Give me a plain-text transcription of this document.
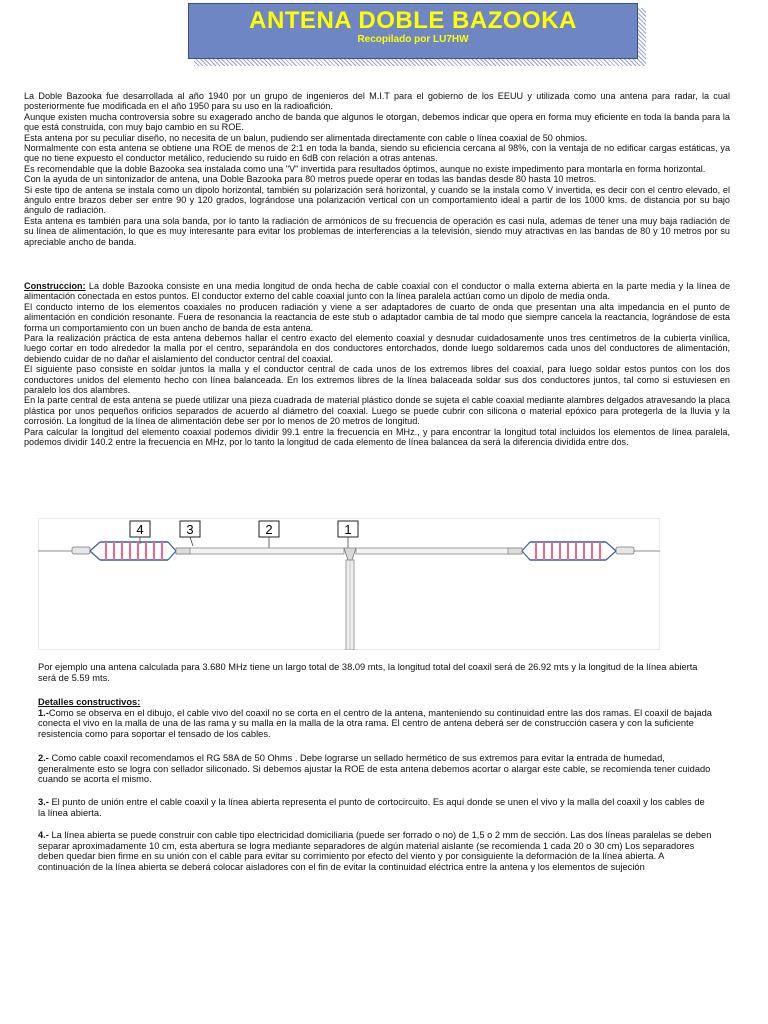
ANTENA DOBLE BAZOOKA
Recopilado por LU7HW

La Doble Bazooka fue desarrollada al año 1940 por un grupo de ingenieros del M.I.T para el gobierno de los EEUU y utilizada como una antena para radar, la cual posteriormente fue modificada en el año 1950 para su uso en la radioafición.

Aunque existen mucha controversia sobre su exagerado ancho de banda que algunos le otorgan, debemos indicar que opera en forma muy eficiente en toda la banda para la que está construida, con muy bajo cambio en su ROE.

Esta antena por su peculiar diseño, no necesita de un balun, pudiendo ser alimentada directamente con cable o línea coaxial de 50 ohmios.

Normalmente con esta antena se obtiene una ROE de menos de 2:1 en toda la banda, siendo su eficiencia cercana al 98%, con la ventaja de no edificar cargas estáticas, ya que no tiene expuesto el conductor metálico, reduciendo su ruido en 6dB con relación a otras antenas.

Es recomendable que la doble Bazooka sea instalada como una "V" invertida para resultados óptimos, aunque no existe impedimento para montarla en forma horizontal.

Con la ayuda de un sintonizador de antena, una Doble Bazooka para 80 metros puede operar en todas las bandas desde 80 hasta 10 metros.

Si este tipo de antena se instala como un dipolo horizontal, también su polarización será horizontal, y cuando se la instala como V invertida, es decir con el centro elevado, el ángulo entre brazos deber ser entre 90 y 120 grados, lográndose una polarización vertical con un comportamiento ideal a partir de los 1000 kms. de distancia por su bajo ángulo de radiación.

Esta antena es también para una sola banda, por lo tanto la radiación de armónicos de su frecuencia de operación es casi nula, ademas de tener una muy baja radiación de su línea de alimentación, lo que es muy interesante para evitar los problemas de interferencias a la televisión, siendo muy atractivas en las bandas de 80 y 10 metros por su apreciable ancho de banda.

Construccion: La doble Bazooka consiste en una media longitud de onda hecha de cable coaxial con el conductor o malla externa abierta en la parte media y la línea de alimentación conectada en estos puntos. El conductor externo del cable coaxial junto con la línea paralela actúan como un dipolo de media onda.

El conducto interno de los elementos coaxiales no producen radiación y viene a ser adaptadores de cuarto de onda que presentan una alta impedancia en el punto de alimentación en condición resonante. Fuera de resonancia la reactancia de este stub o adaptador cambia de tal modo que siempre cancela la reactancia, lográndose de esta forma un comportamiento con un buen ancho de banda de esta antena.

Para la realización práctica de esta antena debemos hallar el centro exacto del elemento coaxial y desnudar cuidadosamente unos tres centímetros de la cubierta vinílica, luego cortar en todo alrededor la malla por el centro, separándola en dos conductores entorchados, donde luego soldaremos cada unos del conductores de alimentación, debiendo cuidar de no dañar el aislamiento del conductor central del coaxial.

El siguiente paso consiste en soldar juntos la malla y el conductor central de cada unos de los extremos libres del coaxial, para luego soldar estos puntos con los dos conductores unidos del elemento hecho con línea balanceada. En los extremos libres de la línea balaceada soldar sus dos conductores juntos, tal como si estuviesen en paralelo los dos alambres.

En la parte central de esta antena se puede utilizar una pieza cuadrada de material plástico donde se sujeta el cable coaxial mediante alambres delgados atravesando la placa plástica por unos pequeños orificios separados de acuerdo al diámetro del coaxial. Luego se puede cubrir con silicona o material epóxico para protegerla de la lluvia y la corrosión. La longitud de la línea de alimentación debe ser por lo menos de 20 metros de longitud.

Para calcular la longitud del elemento coaxial podemos dividir 99.1 entre la frecuencia en MHz., y para encontrar la longitud total incluidos los elementos de línea paralela, podemos dividir 140.2 entre la frecuencia en MHz, por lo tanto la longitud de cada elemento de línea balancea da será la diferencia dividida entre dos.

4	3	2	1

Por ejemplo una antena calculada para 3.680 MHz tiene un largo total de 38.09 mts, la longitud total del coaxil será de 26.92 mts y la longitud de la línea abierta será de 5.59 mts.

Detalles constructivos:

1.-Como se observa en el dibujo, el cable vivo del coaxil no se corta en el centro de la antena, manteniendo su continuidad entre las dos ramas. El coaxil de bajada conecta el vivo en la malla de una de las rama y su malla en la malla de la otra rama. El centro de antena deberá ser de construcción casera y con la suficiente resistencia como para soportar el tensado de los cables.

2.- Como cable coaxil recomendamos el RG 58A de 50 Ohms . Debe lograrse un sellado hermético de sus extremos para evitar la entrada de humedad, generalmente esto se logra con sellador siliconado. Si debemos ajustar la ROE de esta antena debemos acortar o alargar este cable, se recomienda tener cuidado cuando se acorta el mismo.

3.- El punto de unión entre el cable coaxil y la línea abierta representa el punto de cortocircuito. Es aquí donde se unen el vivo y la malla del coaxil y los cables de la línea abierta.

4.- La línea abierta se puede construir con cable tipo electricidad domiciliaria (puede ser forrado o no) de 1,5 o 2 mm de sección. Las dos líneas paralelas se deben separar aproximadamente 10 cm, esta abertura se logra mediante separadores de algún material aislante (se recomienda 1 cada 20 o 30 cm) Los separadores deben quedar bien firme en su unión con el cable para evitar su corrimiento por efecto del viento y por consiguiente la deformación de la línea abierta. A continuación de la línea abierta se deberá colocar aisladores con el fin de evitar la continuidad eléctrica entre la antena y los elementos de sujeción
